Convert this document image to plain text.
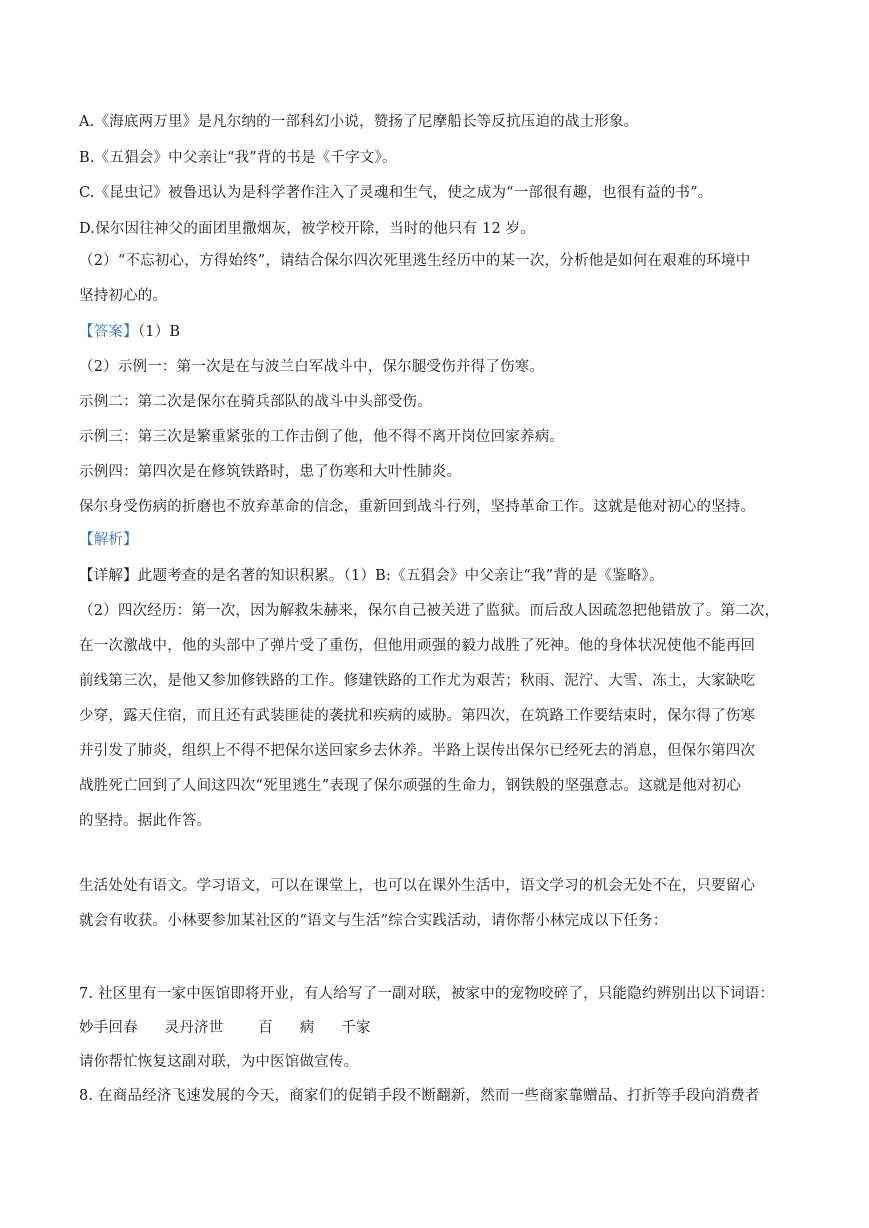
A.《海底两万里》是凡尔纳的一部科幻小说，赞扬了尼摩船长等反抗压迫的战士形象。
B.《五猖会》中父亲让“我”背的书是《千字文》。
C.《昆虫记》被鲁迅认为是科学著作注入了灵魂和生气，使之成为“一部很有趣，也很有益的书”。
D.保尔因往神父的面团里撒烟灰，被学校开除，当时的他只有 12 岁。
（2）“不忘初心，方得始终”，请结合保尔四次死里逃生经历中的某一次，分析他是如何在艰难的环境中
坚持初心的。
【答案】（1）B
（2）示例一：第一次是在与波兰白军战斗中，保尔腿受伤并得了伤寒。
示例二：第二次是保尔在骑兵部队的战斗中头部受伤。
示例三：第三次是繁重紧张的工作击倒了他，他不得不离开岗位回家养病。
示例四：第四次是在修筑铁路时，患了伤寒和大叶性肺炎。
保尔身受伤病的折磨也不放弃革命的信念，重新回到战斗行列，坚持革命工作。这就是他对初心的坚持。
【解析】
【详解】此题考查的是名著的知识积累。（1）B:《五猖会》中父亲让“我”背的是《鉴略》。
（2）四次经历：第一次，因为解救朱赫来，保尔自己被关进了监狱。而后敌人因疏忽把他错放了。第二次，
在一次激战中，他的头部中了弹片受了重伤，但他用顽强的毅力战胜了死神。他的身体状况使他不能再回
前线第三次，是他又参加修铁路的工作。修建铁路的工作尤为艰苦；秋雨、泥泞、大雪、冻土，大家缺吃
少穿，露天住宿，而且还有武装匪徒的袭扰和疾病的威胁。第四次，在筑路工作要结束时，保尔得了伤寒
并引发了肺炎，组织上不得不把保尔送回家乡去休养。半路上误传出保尔已经死去的消息，但保尔第四次
战胜死亡回到了人间这四次“死里逃生”表现了保尔顽强的生命力，钢铁般的坚强意志。这就是他对初心
的坚持。据此作答。
生活处处有语文。学习语文，可以在课堂上，也可以在课外生活中，语文学习的机会无处不在，只要留心
就会有收获。小林要参加某社区的“语文与生活”综合实践活动，请你帮小林完成以下任务：
7. 社区里有一家中医馆即将开业，有人给写了一副对联，被家中的宠物咬碎了，只能隐约辨别出以下词语：
妙手回春 灵丹济世 百 病 千家
请你帮忙恢复这副对联，为中医馆做宣传。
8. 在商品经济飞速发展的今天，商家们的促销手段不断翻新，然而一些商家靠赠品、打折等手段向消费者
